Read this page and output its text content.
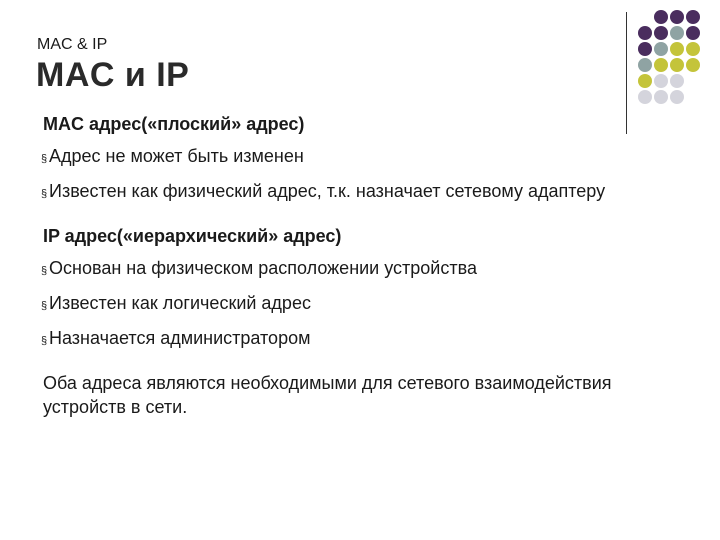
MAC & IP
MAC и IP

MAC адрес(«плоский» адрес)

§ Адрес не может быть изменен

§ Известен как физический адрес, т.к. назначает сетевому адаптеру

IP адрес(«иерархический» адрес)

§ Основан на физическом расположении устройства

§ Известен как логический адрес

§ Назначается администратором

Оба адреса являются необходимыми для сетевого взаимодействия
устройств в сети.
